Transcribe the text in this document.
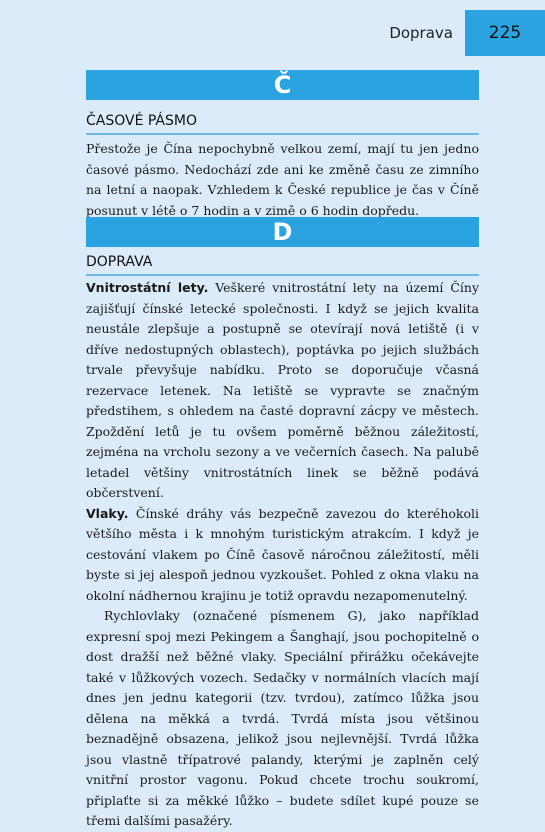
Doprava 225
Č
ČASOVÉ PÁSMO

Přestože je Čína nepochybně velkou zemí, mají tu jen jedno časové pásmo. Nedochází zde ani ke změně času ze zimního na letní a naopak. Vzhledem k České republice je čas v Číně posunut v létě o 7 hodin a v zimě o 6 hodin dopředu.

D
DOPRAVA

Vnitrostátní lety. Veškeré vnitrostátní lety na území Číny zajišťují čínské letecké společnosti. I když se jejich kvalita neustále zlepšuje a postupně se otevírají nová letiště (i v dříve nedostupných oblastech), poptávka po jejich službách trvale převyšuje nabídku. Proto se doporučuje včasná rezervace letenek. Na letiště se vypravte se značným předstihem, s ohledem na časté dopravní zácpy ve městech. Zpoždění letů je tu ovšem poměrně běžnou záležitostí, zejména na vrcholu sezony a ve večerních časech. Na palubě letadel většiny vnitrostátních linek se běžně podává občerstvení.

Vlaky. Čínské dráhy vás bezpečně zavezou do kteréhokoli většího města i k mnohým turistickým atrakcím. I když je cestování vlakem po Číně časově náročnou záležitostí, měli byste si jej alespoň jednou vyzkoušet. Pohled z okna vlaku na okolní nádhernou krajinu je totiž opravdu nezapomenutelný.

Rychlovlaky (označené písmenem G), jako například expresní spoj mezi Pekingem a Šanghají, jsou pochopitelně o dost dražší než běžné vlaky. Speciální přirážku očekávejte také v lůžkových vozech. Sedačky v normálních vlacích mají dnes jen jednu kategorii (tzv. tvrdou), zatímco lůžka jsou dělena na měkká a tvrdá. Tvrdá místa jsou většinou beznadějně obsazena, jelikož jsou nejlevnější. Tvrdá lůžka jsou vlastně třípatrové palandy, kterými je zaplněn celý vnitřní prostor vagonu. Pokud chcete trochu soukromí, připlaťte si za měkké lůžko – budete sdílet kupé pouze se třemi dalšími pasažéry.
